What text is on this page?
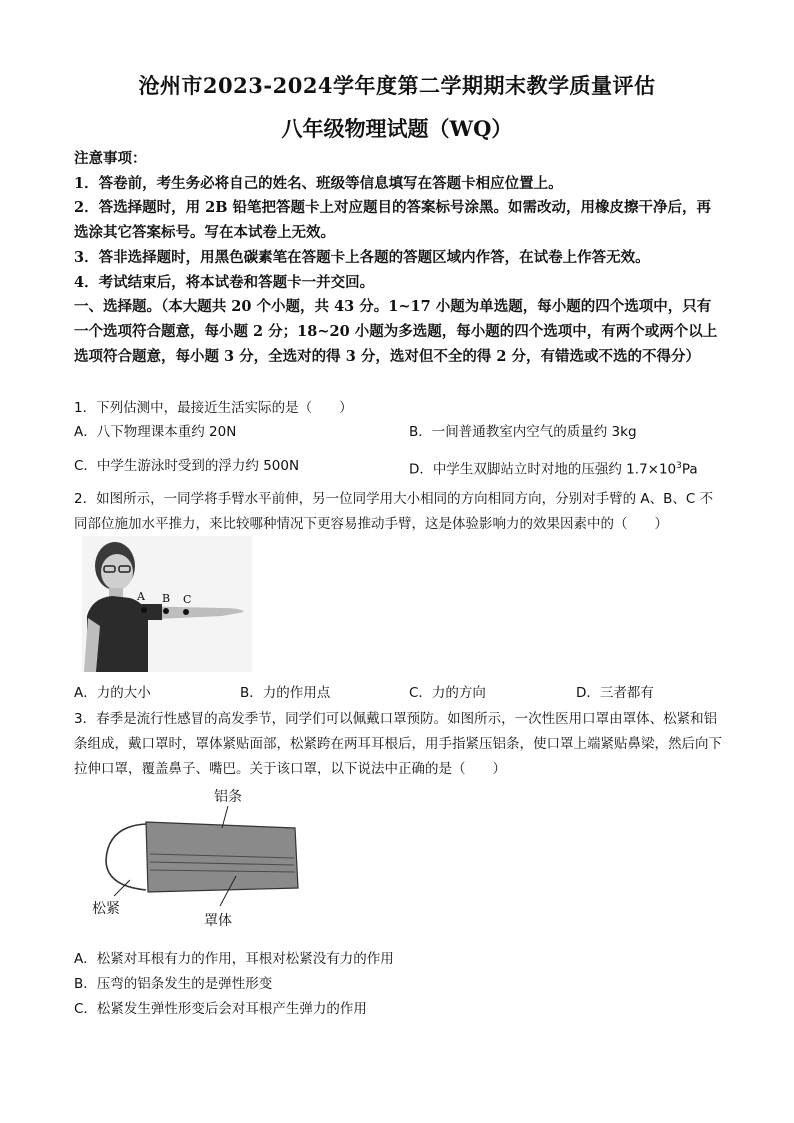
沧州市2023-2024学年度第二学期期末教学质量评估
八年级物理试题（WQ）
注意事项：
1．答卷前，考生务必将自己的姓名、班级等信息填写在答题卡相应位置上。
2．答选择题时，用 2B 铅笔把答题卡上对应题目的答案标号涂黑。如需改动，用橡皮擦干净后，再选涂其它答案标号。写在本试卷上无效。
3．答非选择题时，用黑色碳素笔在答题卡上各题的答题区域内作答，在试卷上作答无效。
4．考试结束后，将本试卷和答题卡一并交回。
一、选择题。（本大题共 20 个小题，共 43 分。1~17 小题为单选题，每小题的四个选项中，只有一个选项符合题意，每小题 2 分；18~20 小题为多选题，每小题的四个选项中，有两个或两个以上选项符合题意，每小题 3 分，全选对的得 3 分，选对但不全的得 2 分，有错选或不选的不得分）
1．下列估测中，最接近生活实际的是（　　）
A．八下物理课本重约 20N	B．一间普通教室内空气的质量约 3kg
C．中学生游泳时受到的浮力约 500N	D．中学生双脚站立时对地的压强约 $1.7\times 10^3Pa$
2．如图所示，一同学将手臂水平前伸，另一位同学用大小相同的方向相同方向，分别对手臂的 A、B、C 不同部位施加水平推力，来比较哪种情况下更容易推动手臂，这是体验影响力的效果因素中的（　　）
A B C
A．力的大小	B．力的作用点	C．力的方向	D．三者都有
3．春季是流行性感冒的高发季节，同学们可以佩戴口罩预防。如图所示，一次性医用口罩由罩体、松紧和铝条组成，戴口罩时，罩体紧贴面部，松紧跨在两耳耳根后，用手指紧压铝条，使口罩上端紧贴鼻梁，然后向下拉伸口罩，覆盖鼻子、嘴巴。关于该口罩，以下说法中正确的是（　　）
铝条
松紧
罩体
A．松紧对耳根有力的作用，耳根对松紧没有力的作用
B．压弯的铝条发生的是弹性形变
C．松紧发生弹性形变后会对耳根产生弹力的作用
